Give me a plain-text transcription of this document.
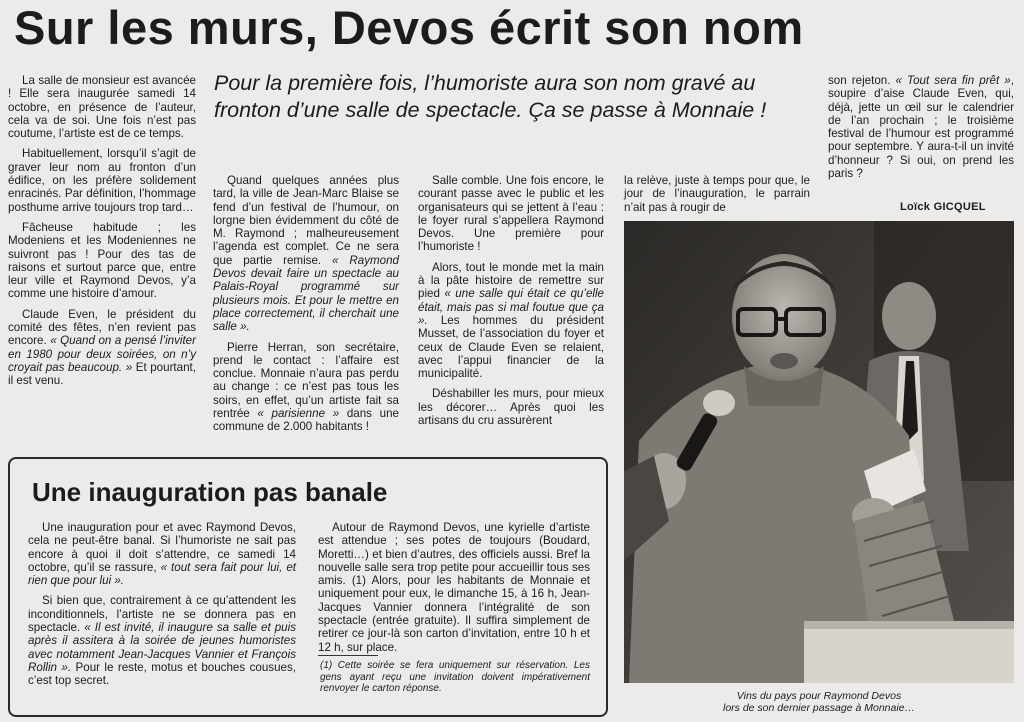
Sur les murs, Devos écrit son nom
Pour la première fois, l’humoriste aura son nom gravé au fronton d’une salle de spectacle. Ça se passe à Monnaie !

La salle de monsieur est avancée ! Elle sera inaugurée samedi 14 octobre, en présence de l’auteur, cela va de soi. Une fois n’est pas coutume, l’artiste est de ce temps.

Habituellement, lorsqu’il s’agit de graver leur nom au fronton d’un édifice, on les préfère solidement enracinés. Par définition, l’hommage posthume arrive toujours trop tard…

Fâcheuse habitude ; les Modeniens et les Modeniennes ne suivront pas ! Pour des tas de raisons et surtout parce que, entre leur ville et Raymond Devos, y’a comme une histoire d’amour.

Claude Even, le président du comité des fêtes, n’en revient pas encore. « Quand on a pensé l’inviter en 1980 pour deux soirées, on n’y croyait pas beaucoup. » Et pourtant, il est venu.

Quand quelques années plus tard, la ville de Jean-Marc Blaise se fend d’un festival de l’humour, on lorgne bien évidemment du côté de M. Raymond ; malheureusement l’agenda est complet. Ce ne sera que partie remise. « Raymond Devos devait faire un spectacle au Palais-Royal programmé sur plusieurs mois. Et pour le mettre en place correctement, il cherchait une salle ».

Pierre Herran, son secrétaire, prend le contact : l’affaire est conclue. Monnaie n’aura pas perdu au change : ce n’est pas tous les soirs, en effet, qu’un artiste fait sa rentrée « parisienne » dans une commune de 2.000 habitants !

Salle comble. Une fois encore, le courant passe avec le public et les organisateurs qui se jettent à l’eau : le foyer rural s’appellera Raymond Devos. Une première pour l’humoriste !

Alors, tout le monde met la main à la pâte histoire de remettre sur pied « une salle qui était ce qu’elle était, mais pas si mal foutue que ça ». Les hommes du président Musset, de l’association du foyer et ceux de Claude Even se relaient, avec l’appui financier de la municipalité.

Déshabiller les murs, pour mieux les décorer… Après quoi les artisans du cru assurèrent

la relève, juste à temps pour que, le jour de l’inauguration, le parrain n’ait pas à rougir de

son rejeton. « Tout sera fin prêt », soupire d’aise Claude Even, qui, déjà, jette un œil sur le calendrier de l’an prochain ; le troisième festival de l’humour est programmé pour septembre. Y aura-t-il un invité d’honneur ? Si oui, on prend les paris ?

Loïck GICQUEL
Une inauguration pas banale

Une inauguration pour et avec Raymond Devos, cela ne peut-être banal. Si l’humoriste ne sait pas encore à quoi il doit s’attendre, ce samedi 14 octobre, qu’il se rassure, « tout sera fait pour lui, et rien que pour lui ».

Si bien que, contrairement à ce qu’attendent les inconditionnels, l’artiste ne se donnera pas en spectacle. « Il est invité, il inaugure sa salle et puis après il assitera à la soirée de jeunes humoristes avec notamment Jean-Jacques Vannier et François Rollin ». Pour le reste, motus et bouches cousues, c’est top secret.

Autour de Raymond Devos, une kyrielle d’artiste est attendue ; ses potes de toujours (Boudard, Moretti…) et bien d’autres, des officiels aussi. Bref la nouvelle salle sera trop petite pour accueillir tous ses amis. (1) Alors, pour les habitants de Monnaie et uniquement pour eux, le dimanche 15, à 16 h, Jean-Jacques Vannier donnera l’intégralité de son spectacle (entrée gratuite). Il suffira simplement de retirer ce jour-là son carton d’invitation, entre 10 h et 12 h, sur place.

(1) Cette soirée se fera uniquement sur réservation. Les gens ayant reçu une invitation doivent impérativement renvoyer le carton réponse.
Vins du pays pour Raymond Devos
lors de son dernier passage à Monnaie…
